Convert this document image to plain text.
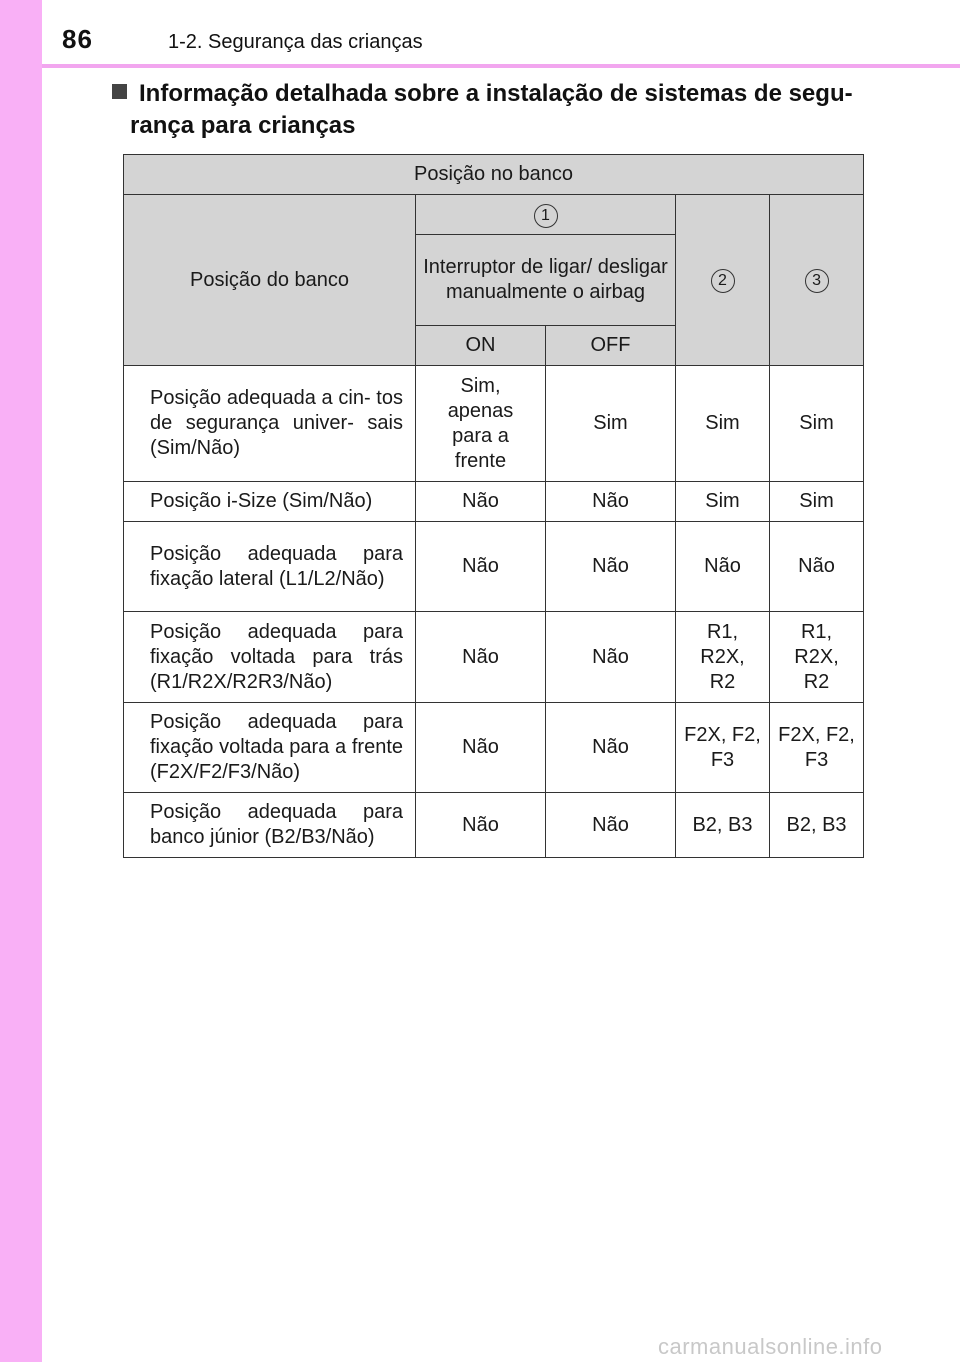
86	1-2. Segurança das crianças
Informação detalhada sobre a instalação de sistemas de segu-
rança para crianças
Posição no banco				
Posição do banco	1		2	3
	Interruptor de ligar/ desligar manualmente o airbag			
	ON	OFF		
Posição adequada a cin- tos de segurança univer- sais (Sim/Não)	Sim, apenas para a frente	Sim	Sim	Sim
Posição i-Size (Sim/Não)	Não	Não	Sim	Sim
Posição adequada para fixação lateral (L1/L2/Não)	Não	Não	Não	Não
Posição adequada para fixação voltada para trás (R1/R2X/R2R3/Não)	Não	Não	R1, R2X, R2	R1, R2X, R2
Posição adequada para fixação voltada para a frente (F2X/F2/F3/Não)	Não	Não	F2X, F2, F3	F2X, F2, F3
Posição adequada para banco júnior (B2/B3/Não)	Não	Não	B2, B3	B2, B3
carmanualsonline.info
